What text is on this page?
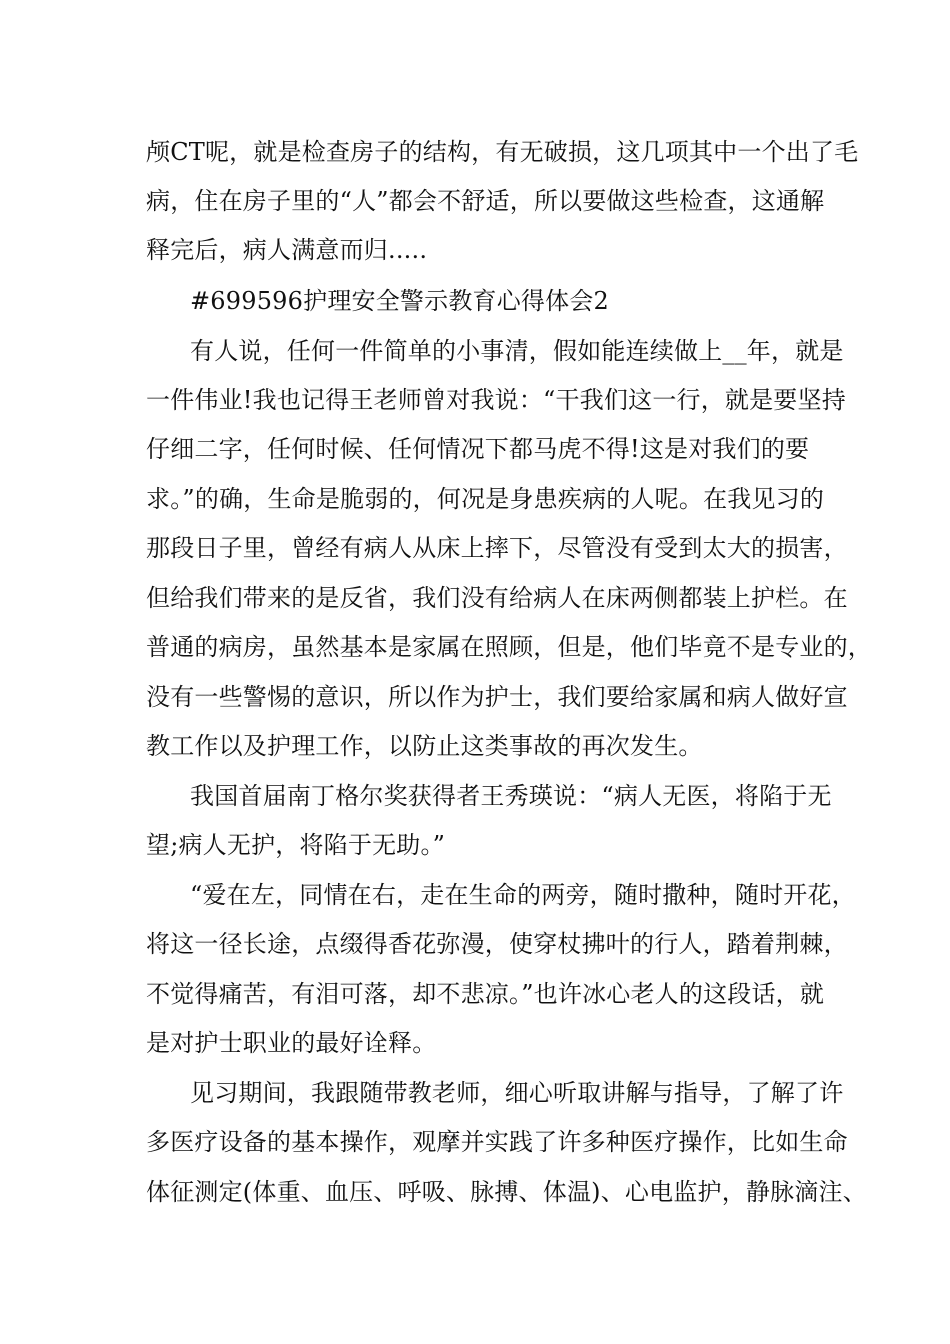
颅CT呢，就是检查房子的结构，有无破损，这几项其中一个出了毛
病，住在房子里的“人”都会不舒适，所以要做这些检查，这通解
释完后，病人满意而归.....
#699596护理安全警示教育心得体会2
有人说，任何一件简单的小事清，假如能连续做上__年，就是
一件伟业!我也记得王老师曾对我说：“干我们这一行，就是要坚持
仔细二字，任何时候、任何情况下都马虎不得!这是对我们的要
求。”的确，生命是脆弱的，何况是身患疾病的人呢。在我见习的
那段日子里，曾经有病人从床上摔下，尽管没有受到太大的损害，
但给我们带来的是反省，我们没有给病人在床两侧都装上护栏。在
普通的病房，虽然基本是家属在照顾，但是，他们毕竟不是专业的，
没有一些警惕的意识，所以作为护士，我们要给家属和病人做好宣
教工作以及护理工作，以防止这类事故的再次发生。
我国首届南丁格尔奖获得者王秀瑛说：“病人无医，将陷于无
望;病人无护，将陷于无助。”
“爱在左，同情在右，走在生命的两旁，随时撒种，随时开花，
将这一径长途，点缀得香花弥漫，使穿杖拂叶的行人，踏着荆棘，
不觉得痛苦，有泪可落，却不悲凉。”也许冰心老人的这段话，就
是对护士职业的最好诠释。
见习期间，我跟随带教老师，细心听取讲解与指导，了解了许
多医疗设备的基本操作，观摩并实践了许多种医疗操作，比如生命
体征测定(体重、血压、呼吸、脉搏、体温)、心电监护，静脉滴注、
